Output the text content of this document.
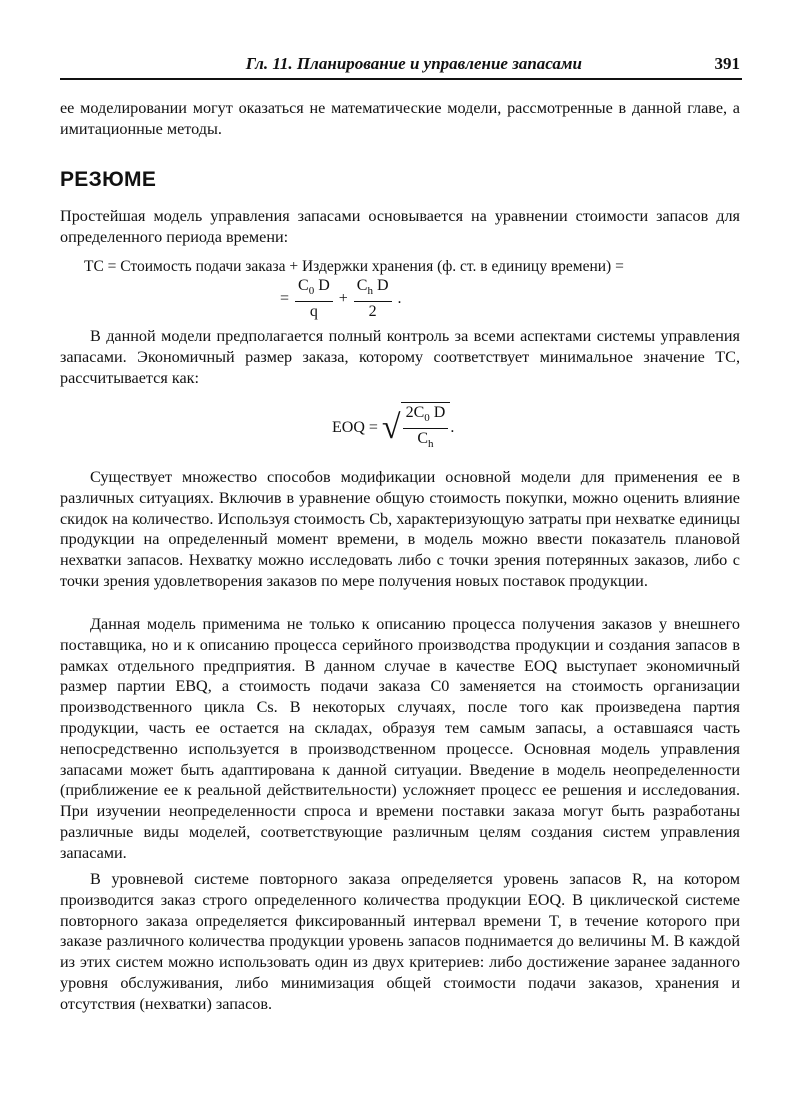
Гл. 11. Планирование и управление запасами	391

ее моделировании могут оказаться не математические модели, рассмотренные в данной главе, а имитационные методы.

РЕЗЮМЕ

Простейшая модель управления запасами основывается на уравнении стоимости запасов для определенного периода времени:

TC = Стоимость подачи заказа + Издержки хранения (ф. ст. в единицу времени) =
= $\frac{C_0 D}{q} + \frac{C_h D}{2}$ .

В данной модели предполагается полный контроль за всеми аспектами системы управления запасами. Экономичный размер заказа, которому соответствует минимальное значение TC, рассчитывается как:

EOQ = √ $\frac{2C_0 D}{C_h}$ .

Существует множество способов модификации основной модели для применения ее в различных ситуациях. Включив в уравнение общую стоимость покупки, можно оценить влияние скидок на количество. Используя стоимость Cb, характеризующую затраты при нехватке единицы продукции на определенный момент времени, в модель можно ввести показатель плановой нехватки запасов. Нехватку можно исследовать либо с точки зрения потерянных заказов, либо с точки зрения удовлетворения заказов по мере получения новых поставок продукции.

Данная модель применима не только к описанию процесса получения заказов у внешнего поставщика, но и к описанию процесса серийного производства продукции и создания запасов в рамках отдельного предприятия. В данном случае в качестве EOQ выступает экономичный размер партии EBQ, а стоимость подачи заказа C0 заменяется на стоимость организации производственного цикла Cs. В некоторых случаях, после того как произведена партия продукции, часть ее остается на складах, образуя тем самым запасы, а оставшаяся часть непосредственно используется в производственном процессе. Основная модель управления запасами может быть адаптирована к данной ситуации. Введение в модель неопределенности (приближение ее к реальной действительности) усложняет процесс ее решения и исследования. При изучении неопределенности спроса и времени поставки заказа могут быть разработаны различные виды моделей, соответствующие различным целям создания систем управления запасами.

В уровневой системе повторного заказа определяется уровень запасов R, на котором производится заказ строго определенного количества продукции EOQ. В циклической системе повторного заказа определяется фиксированный интервал времени T, в течение которого при заказе различного количества продукции уровень запасов поднимается до величины M. В каждой из этих систем можно использовать один из двух критериев: либо достижение заранее заданного уровня обслуживания, либо минимизация общей стоимости подачи заказов, хранения и отсутствия (нехватки) запасов.
